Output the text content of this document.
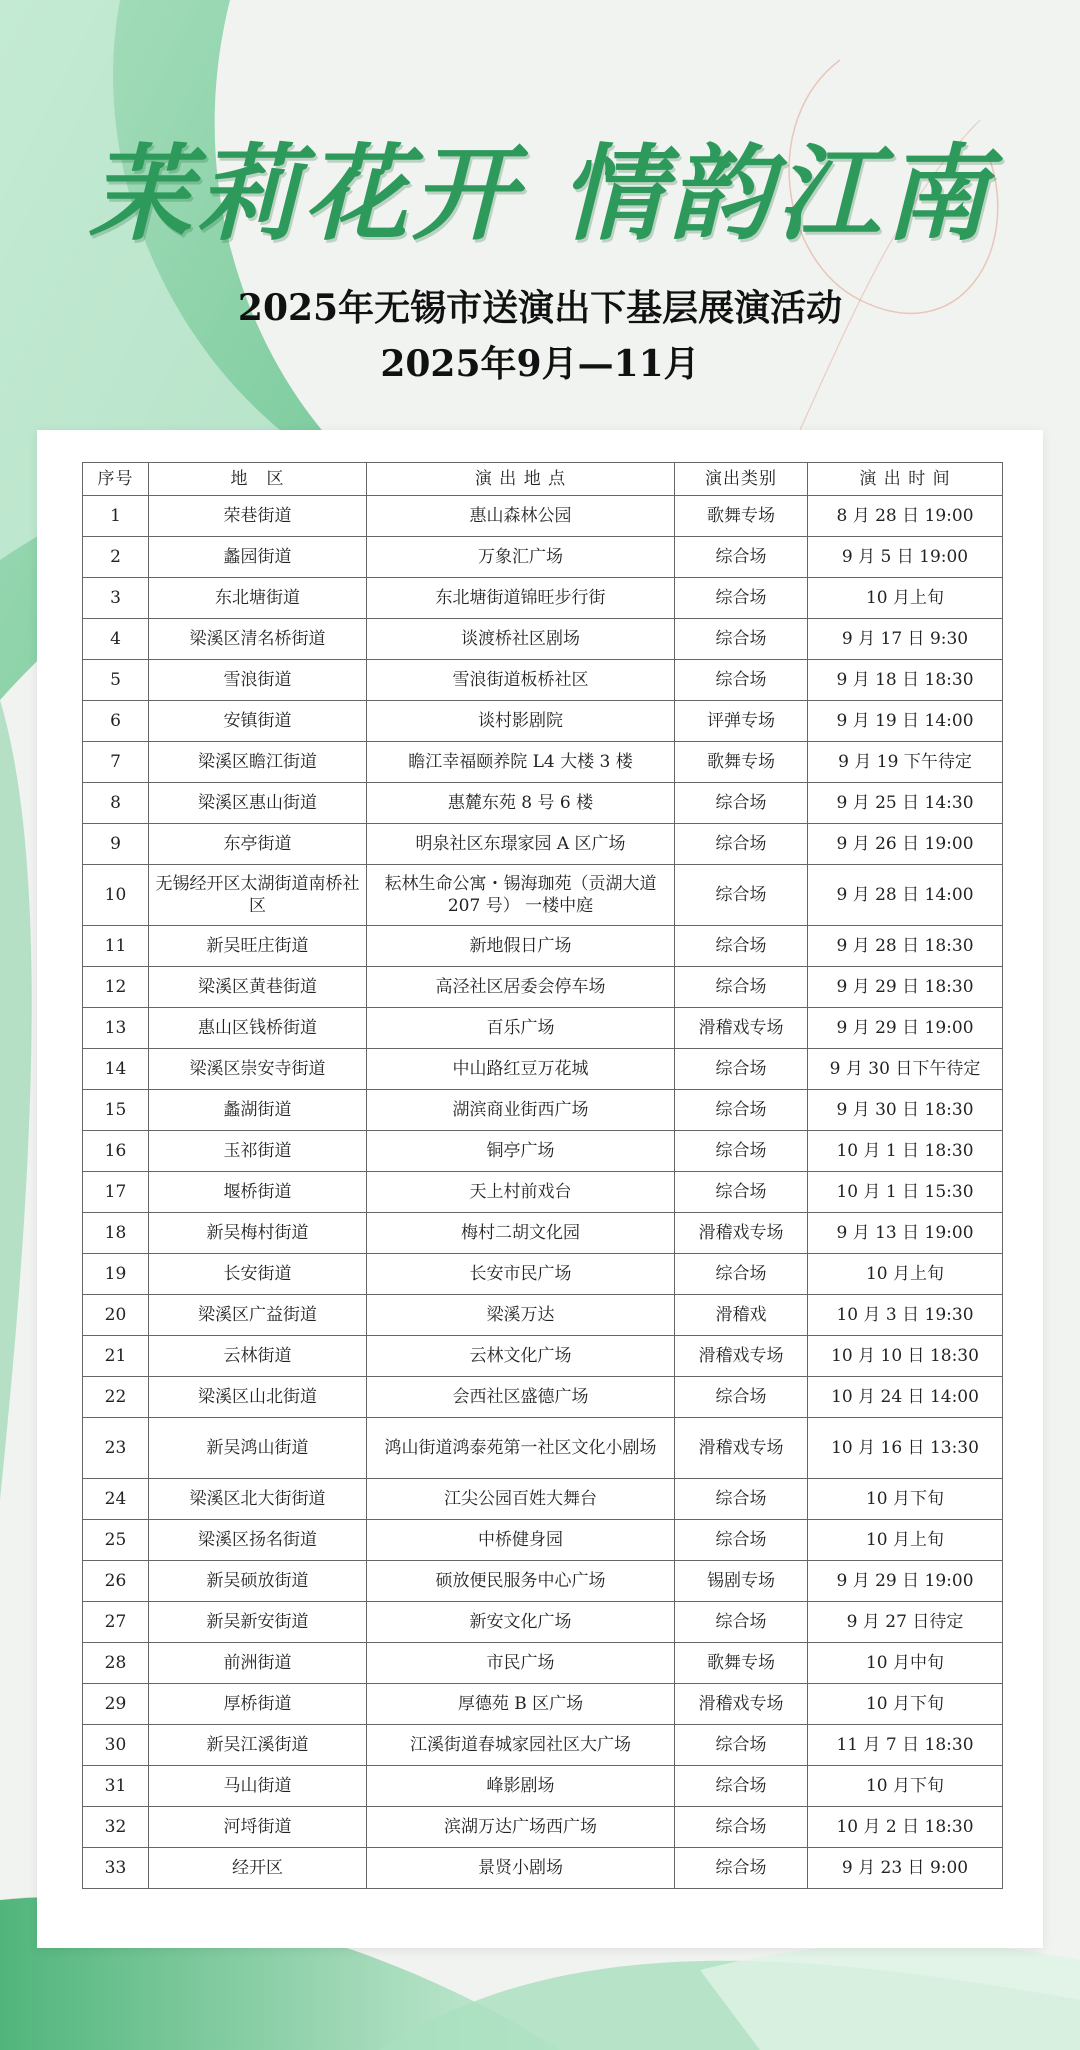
茉莉花开 情韵江南
2025年无锡市送演出下基层展演活动
2025年9月—11月
序号	地　区	演 出 地 点	演出类别	演 出 时 间
1	荣巷街道	惠山森林公园	歌舞专场	8 月 28 日 19:00
2	蠡园街道	万象汇广场	综合场	9 月 5 日 19:00
3	东北塘街道	东北塘街道锦旺步行街	综合场	10 月上旬
4	梁溪区清名桥街道	谈渡桥社区剧场	综合场	9 月 17 日 9:30
5	雪浪街道	雪浪街道板桥社区	综合场	9 月 18 日 18:30
6	安镇街道	谈村影剧院	评弹专场	9 月 19 日 14:00
7	梁溪区瞻江街道	瞻江幸福颐养院 L4 大楼 3 楼	歌舞专场	9 月 19 下午待定
8	梁溪区惠山街道	惠麓东苑 8 号 6 楼	综合场	9 月 25 日 14:30
9	东亭街道	明泉社区东璟家园 A 区广场	综合场	9 月 26 日 19:00
10	无锡经开区太湖街道南桥社区	耘林生命公寓・锡海珈苑（贡湖大道 207 号） 一楼中庭	综合场	9 月 28 日 14:00
11	新吴旺庄街道	新地假日广场	综合场	9 月 28 日 18:30
12	梁溪区黄巷街道	高泾社区居委会停车场	综合场	9 月 29 日 18:30
13	惠山区钱桥街道	百乐广场	滑稽戏专场	9 月 29 日 19:00
14	梁溪区崇安寺街道	中山路红豆万花城	综合场	9 月 30 日下午待定
15	蠡湖街道	湖滨商业街西广场	综合场	9 月 30 日 18:30
16	玉祁街道	铜亭广场	综合场	10 月 1 日 18:30
17	堰桥街道	天上村前戏台	综合场	10 月 1 日 15:30
18	新吴梅村街道	梅村二胡文化园	滑稽戏专场	9 月 13 日 19:00
19	长安街道	长安市民广场	综合场	10 月上旬
20	梁溪区广益街道	梁溪万达	滑稽戏	10 月 3 日 19:30
21	云林街道	云林文化广场	滑稽戏专场	10 月 10 日 18:30
22	梁溪区山北街道	会西社区盛德广场	综合场	10 月 24 日 14:00
23	新吴鸿山街道	鸿山街道鸿泰苑第一社区文化小剧场	滑稽戏专场	10 月 16 日 13:30
24	梁溪区北大街街道	江尖公园百姓大舞台	综合场	10 月下旬
25	梁溪区扬名街道	中桥健身园	综合场	10 月上旬
26	新吴硕放街道	硕放便民服务中心广场	锡剧专场	9 月 29 日 19:00
27	新吴新安街道	新安文化广场	综合场	9 月 27 日待定
28	前洲街道	市民广场	歌舞专场	10 月中旬
29	厚桥街道	厚德苑 B 区广场	滑稽戏专场	10 月下旬
30	新吴江溪街道	江溪街道春城家园社区大广场	综合场	11 月 7 日 18:30
31	马山街道	峰影剧场	综合场	10 月下旬
32	河埒街道	滨湖万达广场西广场	综合场	10 月 2 日 18:30
33	经开区	景贤小剧场	综合场	9 月 23 日 9:00
